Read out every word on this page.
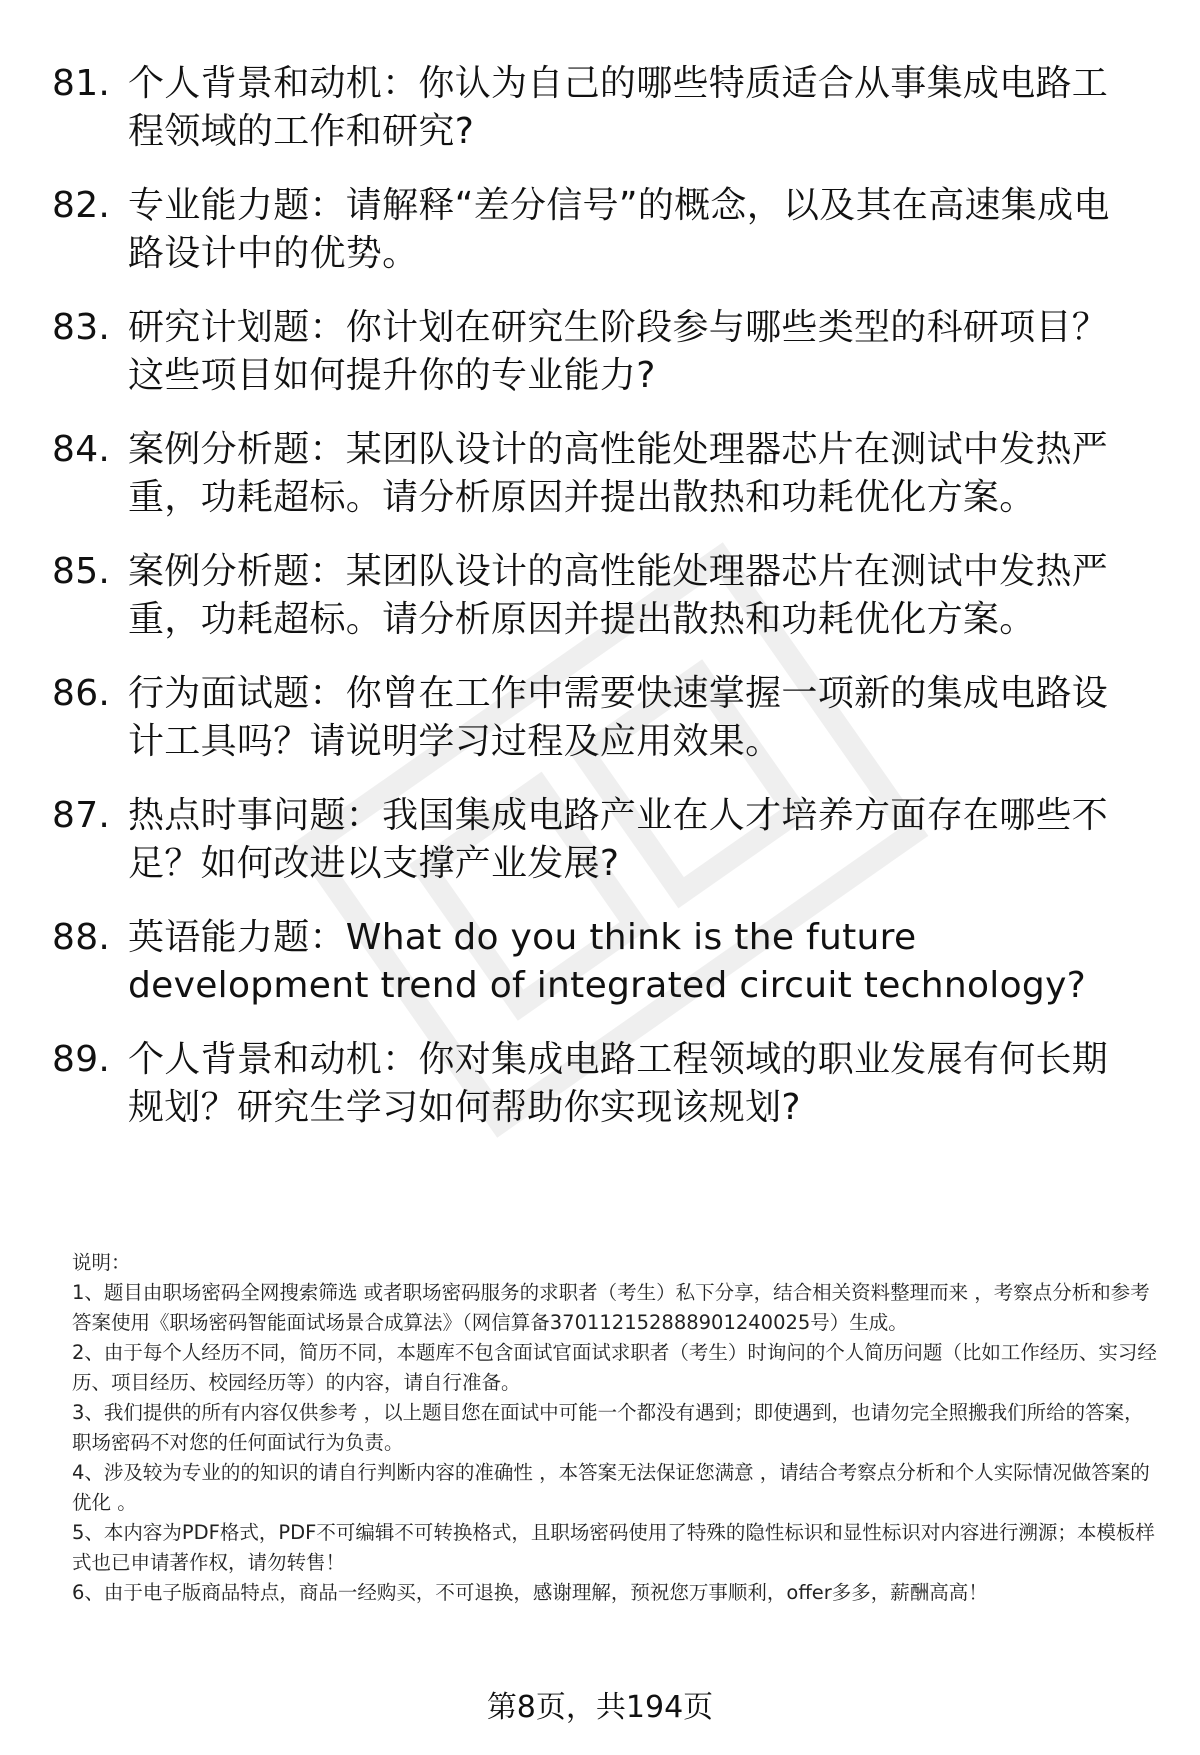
81. 个人背景和动机：你认为自己的哪些特质适合从事集成电路工程领域的工作和研究?
82. 专业能力题：请解释“差分信号”的概念，以及其在高速集成电路设计中的优势。
83. 研究计划题：你计划在研究生阶段参与哪些类型的科研项目？这些项目如何提升你的专业能力?
84. 案例分析题：某团队设计的高性能处理器芯片在测试中发热严重，功耗超标。请分析原因并提出散热和功耗优化方案。
85. 案例分析题：某团队设计的高性能处理器芯片在测试中发热严重，功耗超标。请分析原因并提出散热和功耗优化方案。
86. 行为面试题：你曾在工作中需要快速掌握一项新的集成电路设计工具吗？请说明学习过程及应用效果。
87. 热点时事问题：我国集成电路产业在人才培养方面存在哪些不足？如何改进以支撑产业发展?
88. 英语能力题：What do you think is the future development trend of integrated circuit technology?
89. 个人背景和动机：你对集成电路工程领域的职业发展有何长期规划？研究生学习如何帮助你实现该规划?

说明：

1、题目由职场密码全网搜索筛选 或者职场密码服务的求职者（考生）私下分享，结合相关资料整理而来 ，考察点分析和参考答案使用《职场密码智能面试场景合成算法》（网信算备370112152888901240025号）生成。

2、由于每个人经历不同，简历不同，本题库不包含面试官面试求职者（考生）时询问的个人简历问题（比如工作经历、实习经历、项目经历、校园经历等）的内容，请自行准备。

3、我们提供的所有内容仅供参考 ，以上题目您在面试中可能一个都没有遇到；即使遇到，也请勿完全照搬我们所给的答案，职场密码不对您的任何面试行为负责。

4、涉及较为专业的的知识的请自行判断内容的准确性 ，本答案无法保证您满意 ，请结合考察点分析和个人实际情况做答案的优化 。

5、本内容为PDF格式，PDF不可编辑不可转换格式，且职场密码使用了特殊的隐性标识和显性标识对内容进行溯源；本模板样式也已申请著作权，请勿转售！

6、由于电子版商品特点，商品一经购买，不可退换，感谢理解，预祝您万事顺利，offer多多，薪酬高高！

第8页，共194页
